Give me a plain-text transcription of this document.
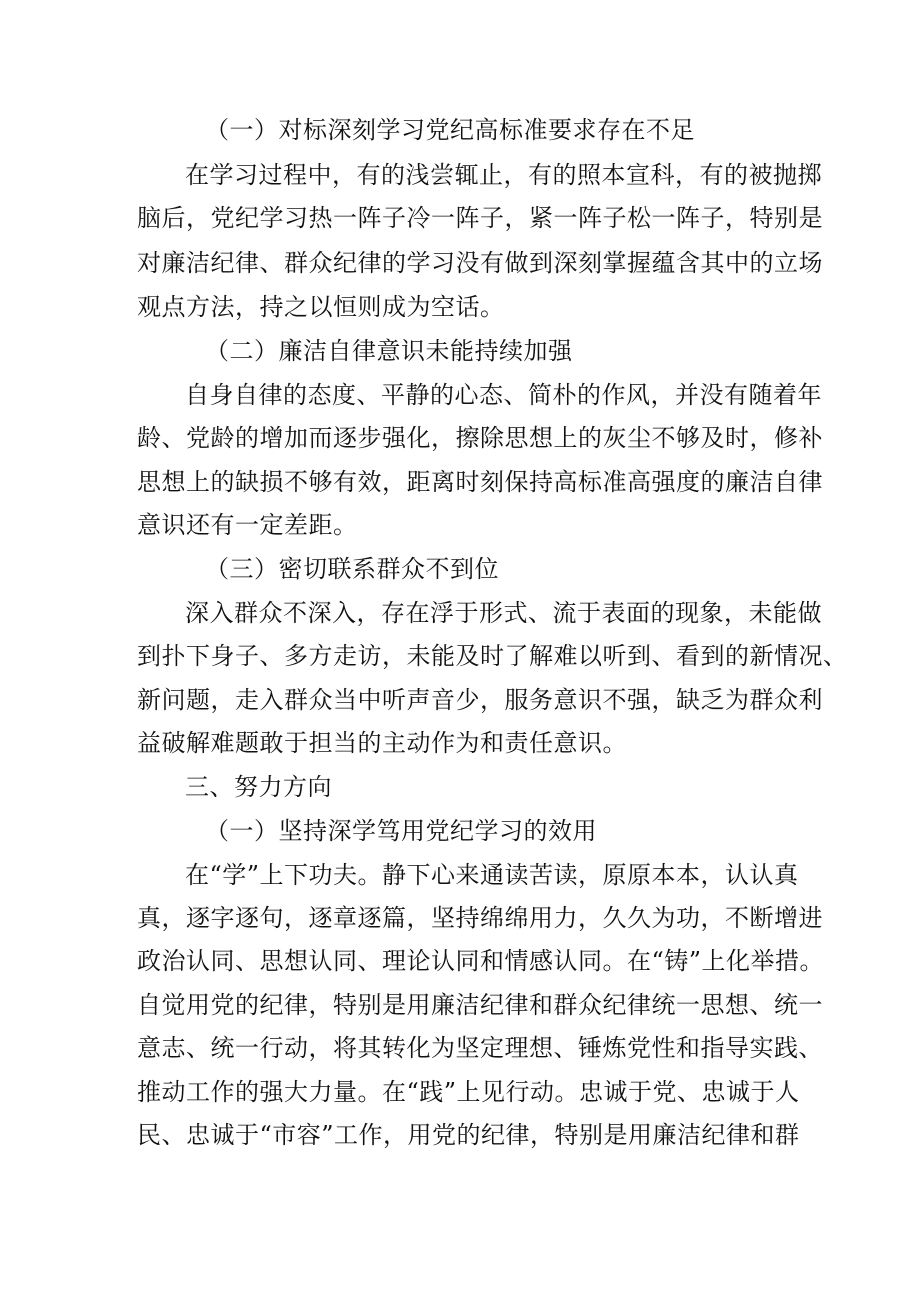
（一）对标深刻学习党纪高标准要求存在不足
在学习过程中，有的浅尝辄止，有的照本宣科，有的被抛掷
脑后，党纪学习热一阵子冷一阵子，紧一阵子松一阵子，特别是
对廉洁纪律、群众纪律的学习没有做到深刻掌握蕴含其中的立场
观点方法，持之以恒则成为空话。
（二）廉洁自律意识未能持续加强
自身自律的态度、平静的心态、简朴的作风，并没有随着年
龄、党龄的增加而逐步强化，擦除思想上的灰尘不够及时，修补
思想上的缺损不够有效，距离时刻保持高标准高强度的廉洁自律
意识还有一定差距。
（三）密切联系群众不到位
深入群众不深入，存在浮于形式、流于表面的现象，未能做
到扑下身子、多方走访，未能及时了解难以听到、看到的新情况、
新问题，走入群众当中听声音少，服务意识不强，缺乏为群众利
益破解难题敢于担当的主动作为和责任意识。
三、努力方向
（一）坚持深学笃用党纪学习的效用
在“学”上下功夫。静下心来通读苦读，原原本本，认认真
真，逐字逐句，逐章逐篇，坚持绵绵用力，久久为功，不断增进
政治认同、思想认同、理论认同和情感认同。在“铸”上化举措。
自觉用党的纪律，特别是用廉洁纪律和群众纪律统一思想、统一
意志、统一行动，将其转化为坚定理想、锤炼党性和指导实践、
推动工作的强大力量。在“践”上见行动。忠诚于党、忠诚于人
民、忠诚于“市容”工作，用党的纪律，特别是用廉洁纪律和群
